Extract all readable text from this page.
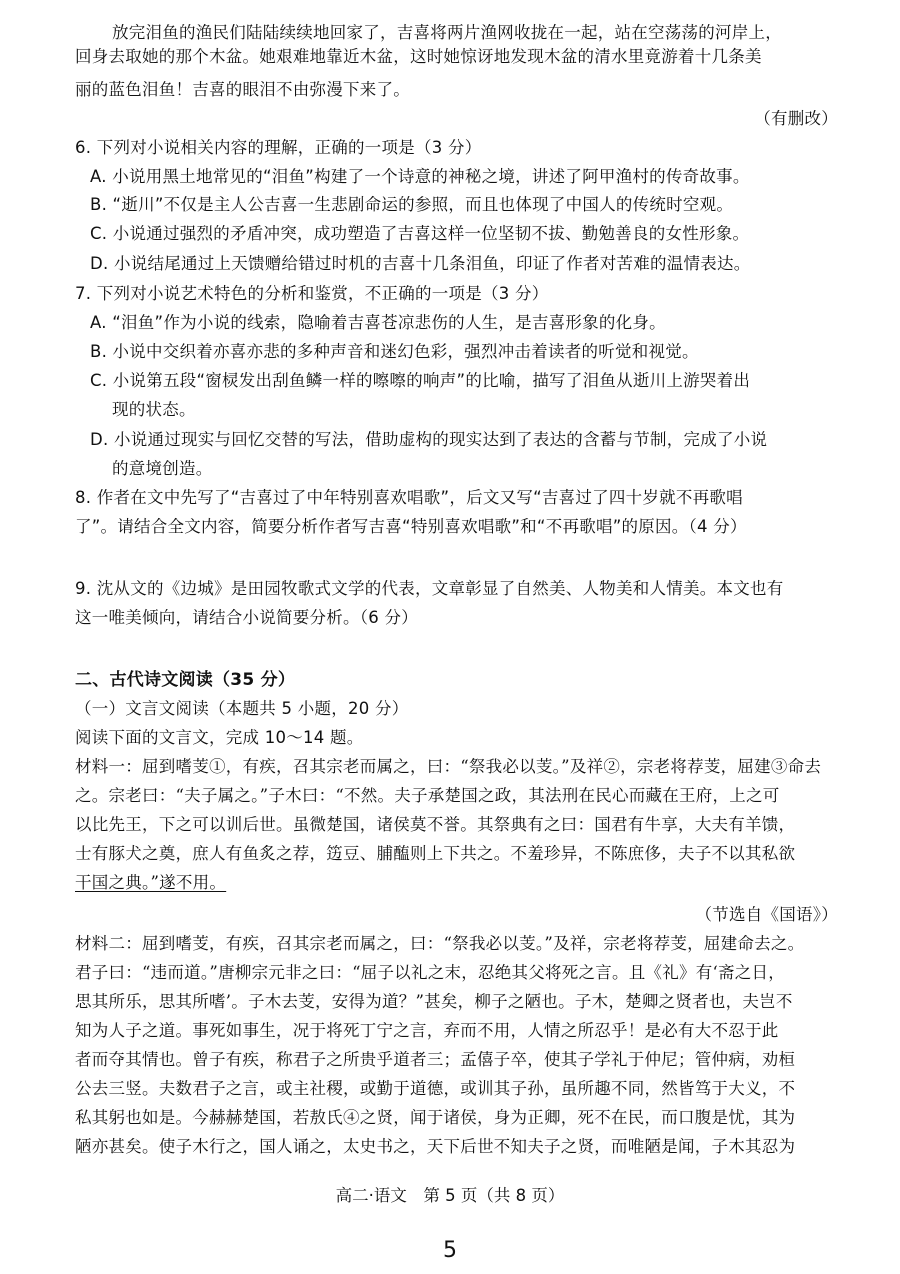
放完泪鱼的渔民们陆陆续续地回家了，吉喜将两片渔网收拢在一起，站在空荡荡的河岸上，
回身去取她的那个木盆。她艰难地靠近木盆，这时她惊讶地发现木盆的清水里竟游着十几条美
丽的蓝色泪鱼！吉喜的眼泪不由弥漫下来了。
（有删改）
6. 下列对小说相关内容的理解，正确的一项是（3 分）
A. 小说用黑土地常见的“泪鱼”构建了一个诗意的神秘之境，讲述了阿甲渔村的传奇故事。
B. “逝川”不仅是主人公吉喜一生悲剧命运的参照，而且也体现了中国人的传统时空观。
C. 小说通过强烈的矛盾冲突，成功塑造了吉喜这样一位坚韧不拔、勤勉善良的女性形象。
D. 小说结尾通过上天馈赠给错过时机的吉喜十几条泪鱼，印证了作者对苦难的温情表达。
7. 下列对小说艺术特色的分析和鉴赏，不正确的一项是（3 分）
A. “泪鱼”作为小说的线索，隐喻着吉喜苍凉悲伤的人生，是吉喜形象的化身。
B. 小说中交织着亦喜亦悲的多种声音和迷幻色彩，强烈冲击着读者的听觉和视觉。
C. 小说第五段“窗棂发出刮鱼鳞一样的嚓嚓的响声”的比喻，描写了泪鱼从逝川上游哭着出
现的状态。
D. 小说通过现实与回忆交替的写法，借助虚构的现实达到了表达的含蓄与节制，完成了小说
的意境创造。
8. 作者在文中先写了“吉喜过了中年特别喜欢唱歌”，后文又写“吉喜过了四十岁就不再歌唱
了”。请结合全文内容，简要分析作者写吉喜“特别喜欢唱歌”和“不再歌唱”的原因。（4 分）
9. 沈从文的《边城》是田园牧歌式文学的代表，文章彰显了自然美、人物美和人情美。本文也有
这一唯美倾向，请结合小说简要分析。（6 分）
二、古代诗文阅读（35 分）
（一）文言文阅读（本题共 5 小题，20 分）
阅读下面的文言文，完成 10～14 题。
材料一：屈到嗜芰①，有疾，召其宗老而属之，曰：“祭我必以芰。”及祥②，宗老将荐芰，屈建③命去
之。宗老曰：“夫子属之。”子木曰：“不然。夫子承楚国之政，其法刑在民心而藏在王府，上之可
以比先王，下之可以训后世。虽微楚国，诸侯莫不誉。其祭典有之曰：国君有牛享，大夫有羊馈，
士有豚犬之奠，庶人有鱼炙之荐，笾豆、脯醢则上下共之。不羞珍异，不陈庶侈，夫子不以其私欲
干国之典。”遂不用。
（节选自《国语》）
材料二：屈到嗜芰，有疾，召其宗老而属之，曰：“祭我必以芰。”及祥，宗老将荐芰，屈建命去之。
君子曰：“违而道。”唐柳宗元非之曰：“屈子以礼之末，忍绝其父将死之言。且《礼》有‘斋之日，
思其所乐，思其所嗜’。子木去芰，安得为道？”甚矣，柳子之陋也。子木，楚卿之贤者也，夫岂不
知为人子之道。事死如事生，况于将死丁宁之言，弃而不用，人情之所忍乎！是必有大不忍于此
者而夺其情也。曾子有疾，称君子之所贵乎道者三；孟僖子卒，使其子学礼于仲尼；管仲病，劝桓
公去三竖。夫数君子之言，或主社稷，或勤于道德，或训其子孙，虽所趣不同，然皆笃于大义，不
私其躬也如是。今赫赫楚国，若敖氏④之贤，闻于诸侯，身为正卿，死不在民，而口腹是忧，其为
陋亦甚矣。使子木行之，国人诵之，太史书之，天下后世不知夫子之贤，而唯陋是闻，子木其忍为
高二·语文　第 5 页（共 8 页）
5
